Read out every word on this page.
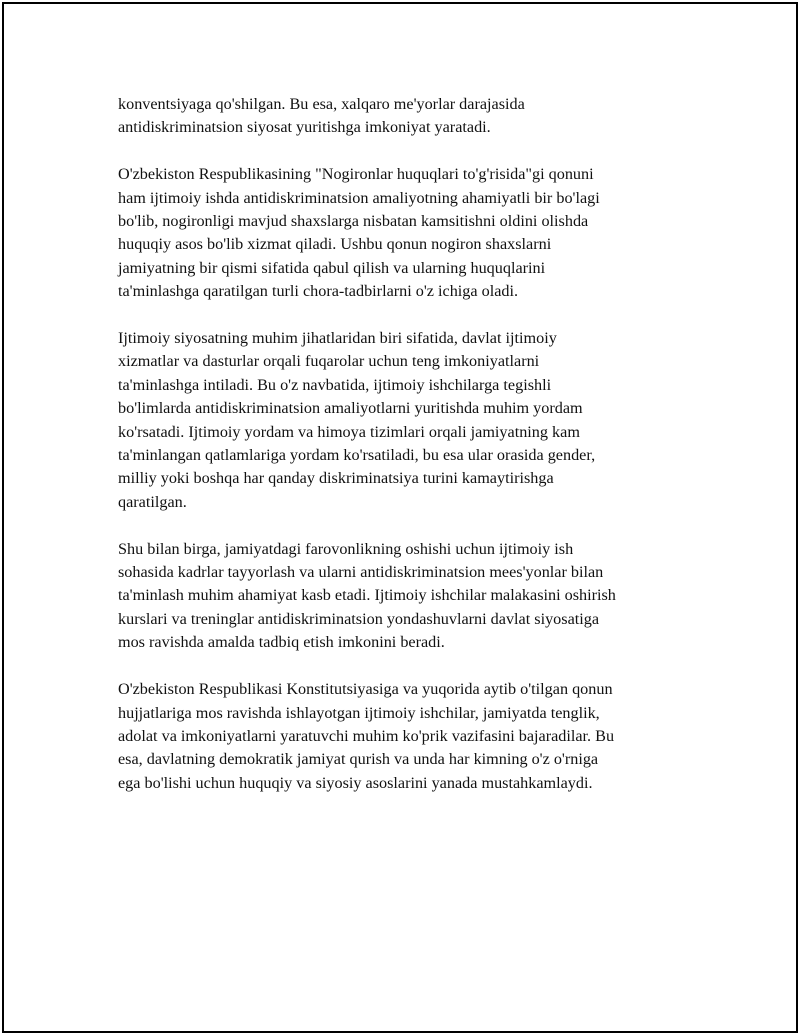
konventsiyaga qo'shilgan. Bu esa, xalqaro me'yorlar darajasida
antidiskriminatsion siyosat yuritishga imkoniyat yaratadi.

O'zbekiston Respublikasining "Nogironlar huquqlari to'g'risida"gi qonuni
ham ijtimoiy ishda antidiskriminatsion amaliyotning ahamiyatli bir bo'lagi
bo'lib, nogironligi mavjud shaxslarga nisbatan kamsitishni oldini olishda
huquqiy asos bo'lib xizmat qiladi. Ushbu qonun nogiron shaxslarni
jamiyatning bir qismi sifatida qabul qilish va ularning huquqlarini
ta'minlashga qaratilgan turli chora-tadbirlarni o'z ichiga oladi.

Ijtimoiy siyosatning muhim jihatlaridan biri sifatida, davlat ijtimoiy
xizmatlar va dasturlar orqali fuqarolar uchun teng imkoniyatlarni
ta'minlashga intiladi. Bu o'z navbatida, ijtimoiy ishchilarga tegishli
bo'limlarda antidiskriminatsion amaliyotlarni yuritishda muhim yordam
ko'rsatadi. Ijtimoiy yordam va himoya tizimlari orqali jamiyatning kam
ta'minlangan qatlamlariga yordam ko'rsatiladi, bu esa ular orasida gender,
milliy yoki boshqa har qanday diskriminatsiya turini kamaytirishga
qaratilgan.

Shu bilan birga, jamiyatdagi farovonlikning oshishi uchun ijtimoiy ish
sohasida kadrlar tayyorlash va ularni antidiskriminatsion mees'yonlar bilan
ta'minlash muhim ahamiyat kasb etadi. Ijtimoiy ishchilar malakasini oshirish
kurslari va treninglar antidiskriminatsion yondashuvlarni davlat siyosatiga
mos ravishda amalda tadbiq etish imkonini beradi.

O'zbekiston Respublikasi Konstitutsiyasiga va yuqorida aytib o'tilgan qonun
hujjatlariga mos ravishda ishlayotgan ijtimoiy ishchilar, jamiyatda tenglik,
adolat va imkoniyatlarni yaratuvchi muhim ko'prik vazifasini bajaradilar. Bu
esa, davlatning demokratik jamiyat qurish va unda har kimning o'z o'rniga
ega bo'lishi uchun huquqiy va siyosiy asoslarini yanada mustahkamlaydi.
